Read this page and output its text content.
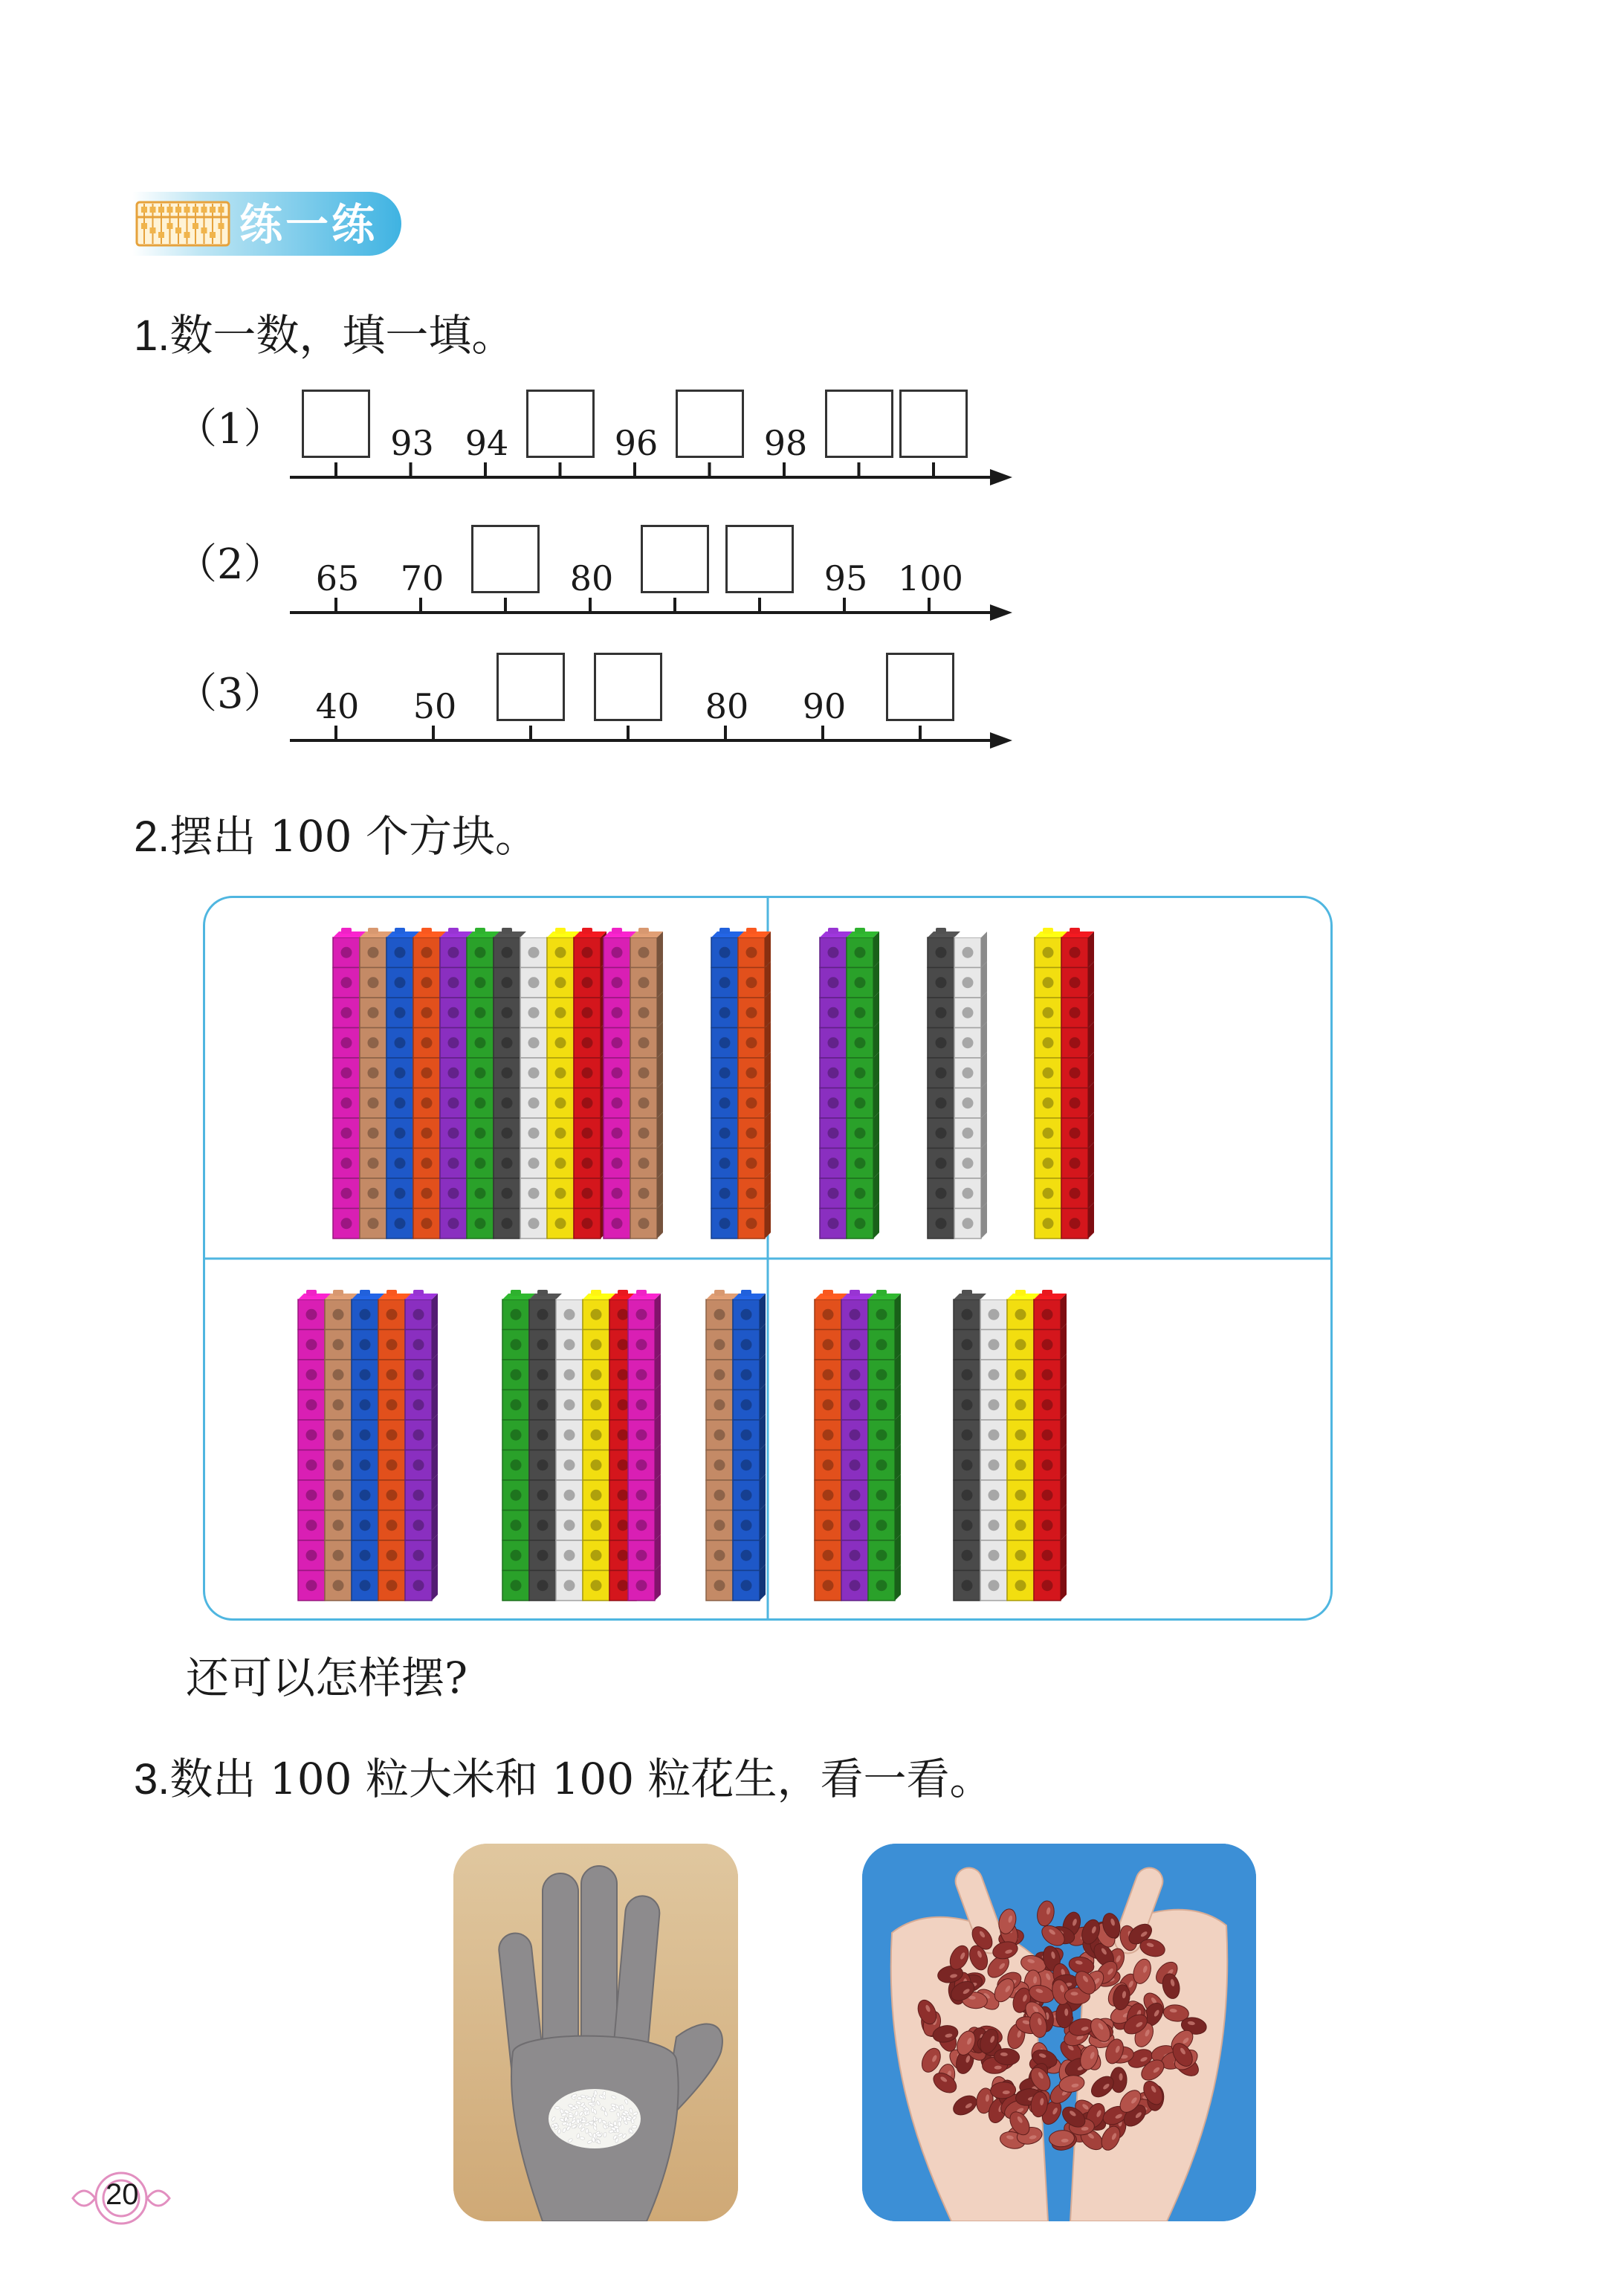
练一练
1.数一数，填一填。
（1）
（2）
（3）
93 94	96	98
65 70	80	95 100
40 50	80 90
2.摆出 100 个方块。
还可以怎样摆?
3.数出 100 粒大米和 100 粒花生，看一看。
20
